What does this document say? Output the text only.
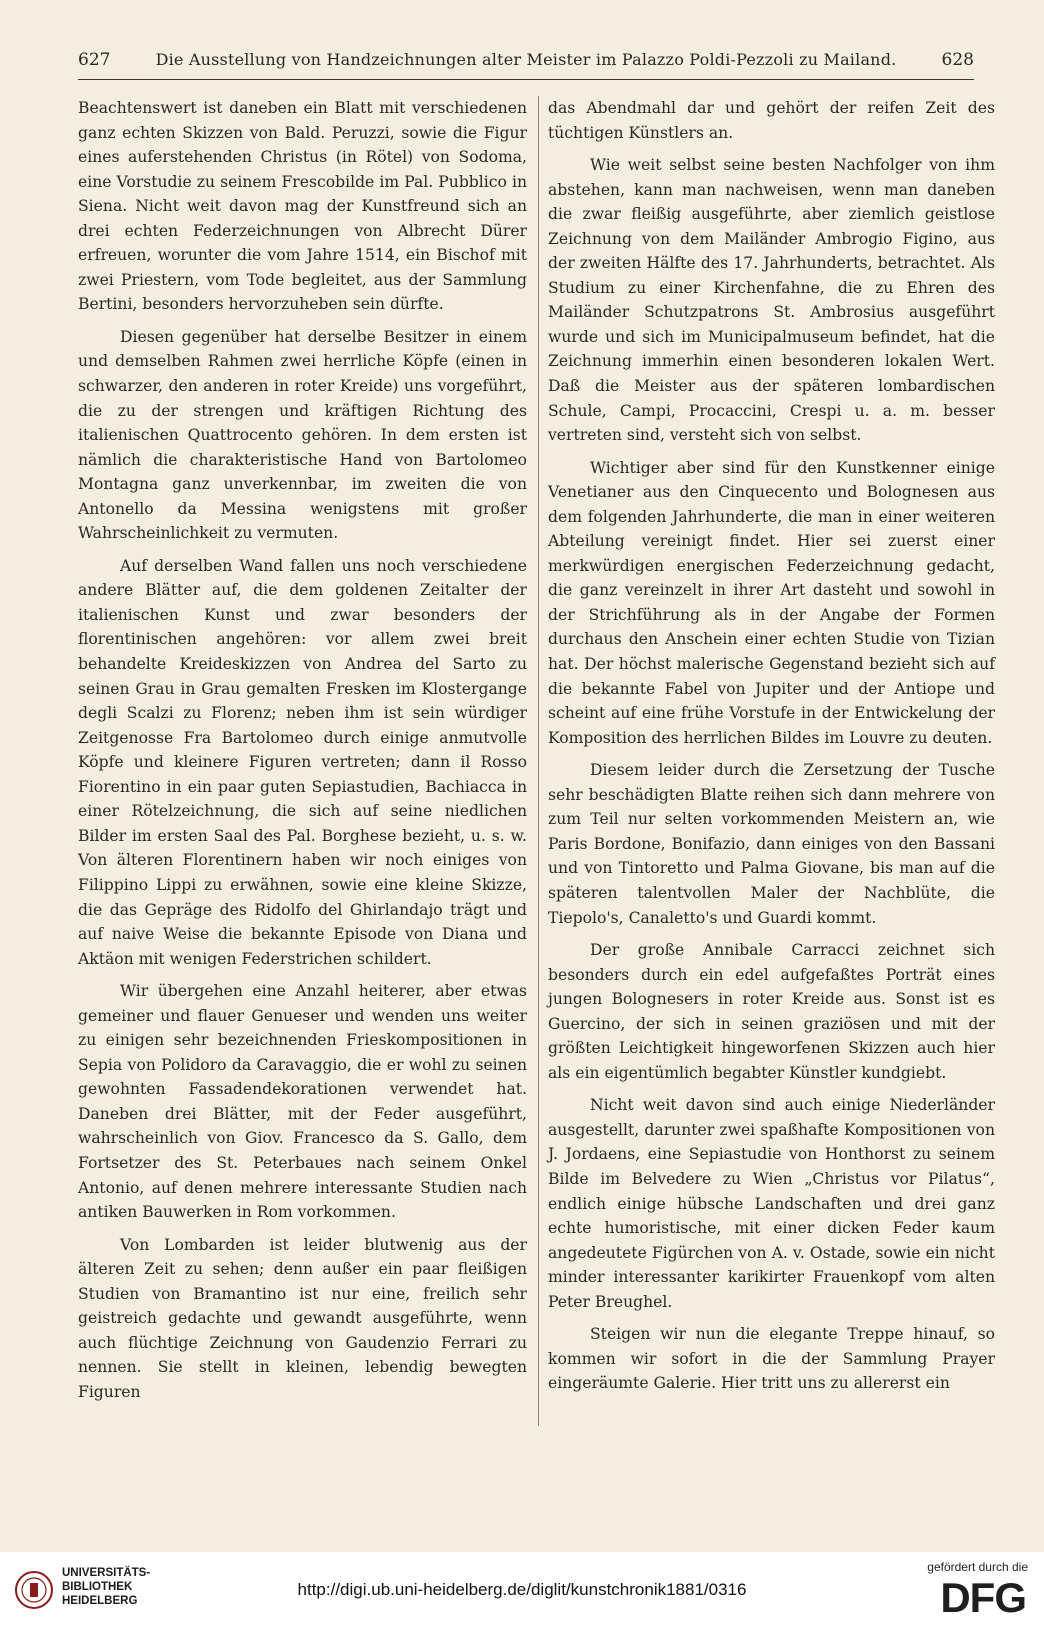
627	Die Ausstellung von Handzeichnungen alter Meister im Palazzo Poldi-Pezzoli zu Mailand.	628

Beachtenswert ist daneben ein Blatt mit verschiedenen ganz echten Skizzen von Bald. Peruzzi, sowie die Figur eines auferstehenden Christus (in Rötel) von Sodoma, eine Vorstudie zu seinem Frescobilde im Pal. Pubblico in Siena. Nicht weit davon mag der Kunstfreund sich an drei echten Federzeichnungen von Albrecht Dürer erfreuen, worunter die vom Jahre 1514, ein Bischof mit zwei Priestern, vom Tode begleitet, aus der Sammlung Bertini, besonders hervorzuheben sein dürfte.

Diesen gegenüber hat derselbe Besitzer in einem und demselben Rahmen zwei herrliche Köpfe (einen in schwarzer, den anderen in roter Kreide) uns vorgeführt, die zu der strengen und kräftigen Richtung des italienischen Quattrocento gehören. In dem ersten ist nämlich die charakteristische Hand von Bartolomeo Montagna ganz unverkennbar, im zweiten die von Antonello da Messina wenigstens mit großer Wahrscheinlichkeit zu vermuten.

Auf derselben Wand fallen uns noch verschiedene andere Blätter auf, die dem goldenen Zeitalter der italienischen Kunst und zwar besonders der florentinischen angehören: vor allem zwei breit behandelte Kreideskizzen von Andrea del Sarto zu seinen Grau in Grau gemalten Fresken im Klostergange degli Scalzi zu Florenz; neben ihm ist sein würdiger Zeitgenosse Fra Bartolomeo durch einige anmutvolle Köpfe und kleinere Figuren vertreten; dann il Rosso Fiorentino in ein paar guten Sepiastudien, Bachiacca in einer Rötelzeichnung, die sich auf seine niedlichen Bilder im ersten Saal des Pal. Borghese bezieht, u. s. w. Von älteren Florentinern haben wir noch einiges von Filippino Lippi zu erwähnen, sowie eine kleine Skizze, die das Gepräge des Ridolfo del Ghirlandajo trägt und auf naive Weise die bekannte Episode von Diana und Aktäon mit wenigen Federstrichen schildert.

Wir übergehen eine Anzahl heiterer, aber etwas gemeiner und flauer Genueser und wenden uns weiter zu einigen sehr bezeichnenden Frieskompositionen in Sepia von Polidoro da Caravaggio, die er wohl zu seinen gewohnten Fassadendekorationen verwendet hat. Daneben drei Blätter, mit der Feder ausgeführt, wahrscheinlich von Giov. Francesco da S. Gallo, dem Fortsetzer des St. Peterbaues nach seinem Onkel Antonio, auf denen mehrere interessante Studien nach antiken Bauwerken in Rom vorkommen.

Von Lombarden ist leider blutwenig aus der älteren Zeit zu sehen; denn außer ein paar fleißigen Studien von Bramantino ist nur eine, freilich sehr geistreich gedachte und gewandt ausgeführte, wenn auch flüchtige Zeichnung von Gaudenzio Ferrari zu nennen. Sie stellt in kleinen, lebendig bewegten Figuren

das Abendmahl dar und gehört der reifen Zeit des tüchtigen Künstlers an.

Wie weit selbst seine besten Nachfolger von ihm abstehen, kann man nachweisen, wenn man daneben die zwar fleißig ausgeführte, aber ziemlich geistlose Zeichnung von dem Mailänder Ambrogio Figino, aus der zweiten Hälfte des 17. Jahrhunderts, betrachtet. Als Studium zu einer Kirchenfahne, die zu Ehren des Mailänder Schutzpatrons St. Ambrosius ausgeführt wurde und sich im Municipalmuseum befindet, hat die Zeichnung immerhin einen besonderen lokalen Wert. Daß die Meister aus der späteren lombardischen Schule, Campi, Procaccini, Crespi u. a. m. besser vertreten sind, versteht sich von selbst.

Wichtiger aber sind für den Kunstkenner einige Venetianer aus den Cinquecento und Bolognesen aus dem folgenden Jahrhunderte, die man in einer weiteren Abteilung vereinigt findet. Hier sei zuerst einer merkwürdigen energischen Federzeichnung gedacht, die ganz vereinzelt in ihrer Art dasteht und sowohl in der Strichführung als in der Angabe der Formen durchaus den Anschein einer echten Studie von Tizian hat. Der höchst malerische Gegenstand bezieht sich auf die bekannte Fabel von Jupiter und der Antiope und scheint auf eine frühe Vorstufe in der Entwickelung der Komposition des herrlichen Bildes im Louvre zu deuten.

Diesem leider durch die Zersetzung der Tusche sehr beschädigten Blatte reihen sich dann mehrere von zum Teil nur selten vorkommenden Meistern an, wie Paris Bordone, Bonifazio, dann einiges von den Bassani und von Tintoretto und Palma Giovane, bis man auf die späteren talentvollen Maler der Nachblüte, die Tiepolo's, Canaletto's und Guardi kommt.

Der große Annibale Carracci zeichnet sich besonders durch ein edel aufgefaßtes Porträt eines jungen Bolognesers in roter Kreide aus. Sonst ist es Guercino, der sich in seinen graziösen und mit der größten Leichtigkeit hingeworfenen Skizzen auch hier als ein eigentümlich begabter Künstler kundgiebt.

Nicht weit davon sind auch einige Niederländer ausgestellt, darunter zwei spaßhafte Kompositionen von J. Jordaens, eine Sepiastudie von Honthorst zu seinem Bilde im Belvedere zu Wien „Christus vor Pilatus“, endlich einige hübsche Landschaften und drei ganz echte humoristische, mit einer dicken Feder kaum angedeutete Figürchen von A. v. Ostade, sowie ein nicht minder interessanter karikirter Frauenkopf vom alten Peter Breughel.

Steigen wir nun die elegante Treppe hinauf, so kommen wir sofort in die der Sammlung Prayer eingeräumte Galerie. Hier tritt uns zu allererst ein

UNIVERSITÄTS-
BIBLIOTHEK
HEIDELBERG
http://digi.ub.uni-heidelberg.de/diglit/kunstchronik1881/0316
gefördert durch die
DFG
